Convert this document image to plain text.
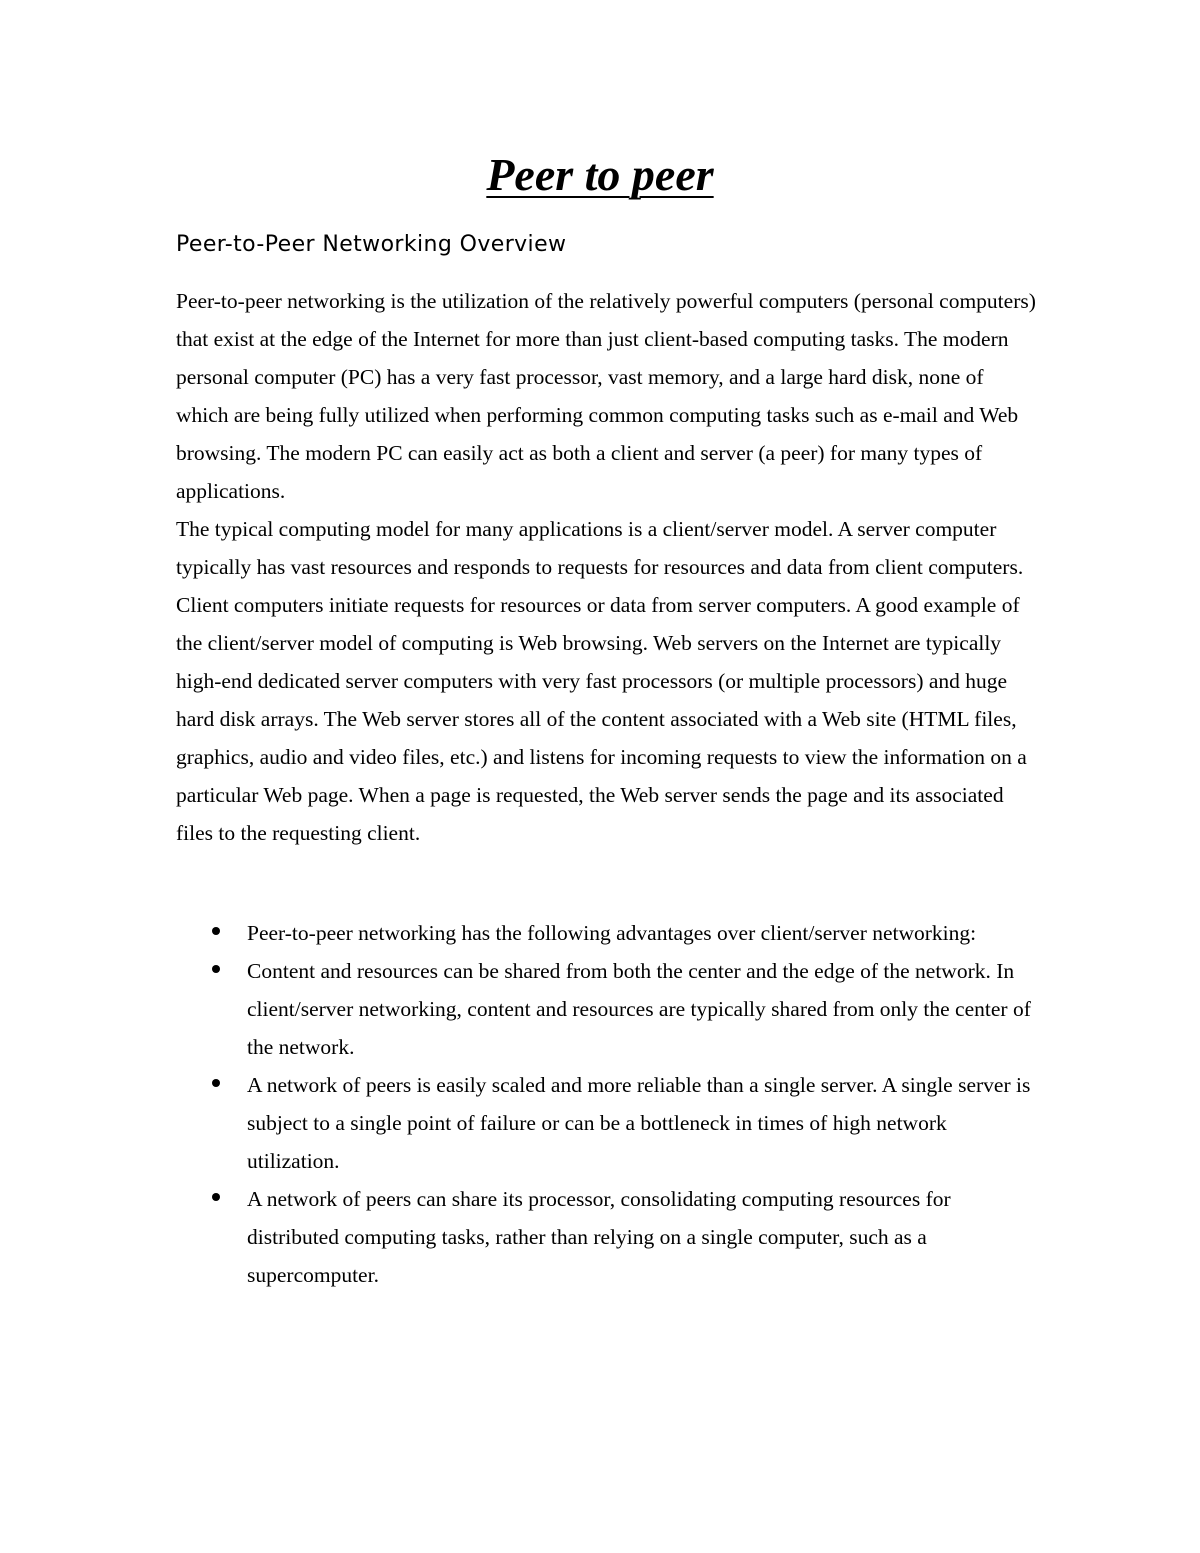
Peer to peer
Peer-to-Peer Networking Overview

Peer-to-peer networking is the utilization of the relatively powerful computers (personal computers) that exist at the edge of the Internet for more than just client-based computing tasks. The modern personal computer (PC) has a very fast processor, vast memory, and a large hard disk, none of which are being fully utilized when performing common computing tasks such as e-mail and Web browsing. The modern PC can easily act as both a client and server (a peer) for many types of applications.

The typical computing model for many applications is a client/server model. A server computer typically has vast resources and responds to requests for resources and data from client computers. Client computers initiate requests for resources or data from server computers. A good example of the client/server model of computing is Web browsing. Web servers on the Internet are typically high-end dedicated server computers with very fast processors (or multiple processors) and huge hard disk arrays. The Web server stores all of the content associated with a Web site (HTML files, graphics, audio and video files, etc.) and listens for incoming requests to view the information on a particular Web page. When a page is requested, the Web server sends the page and its associated files to the requesting client.

Peer-to-peer networking has the following advantages over client/server networking:
Content and resources can be shared from both the center and the edge of the network. In client/server networking, content and resources are typically shared from only the center of the network.
A network of peers is easily scaled and more reliable than a single server. A single server is subject to a single point of failure or can be a bottleneck in times of high network utilization.
A network of peers can share its processor, consolidating computing resources for distributed computing tasks, rather than relying on a single computer, such as a supercomputer.
